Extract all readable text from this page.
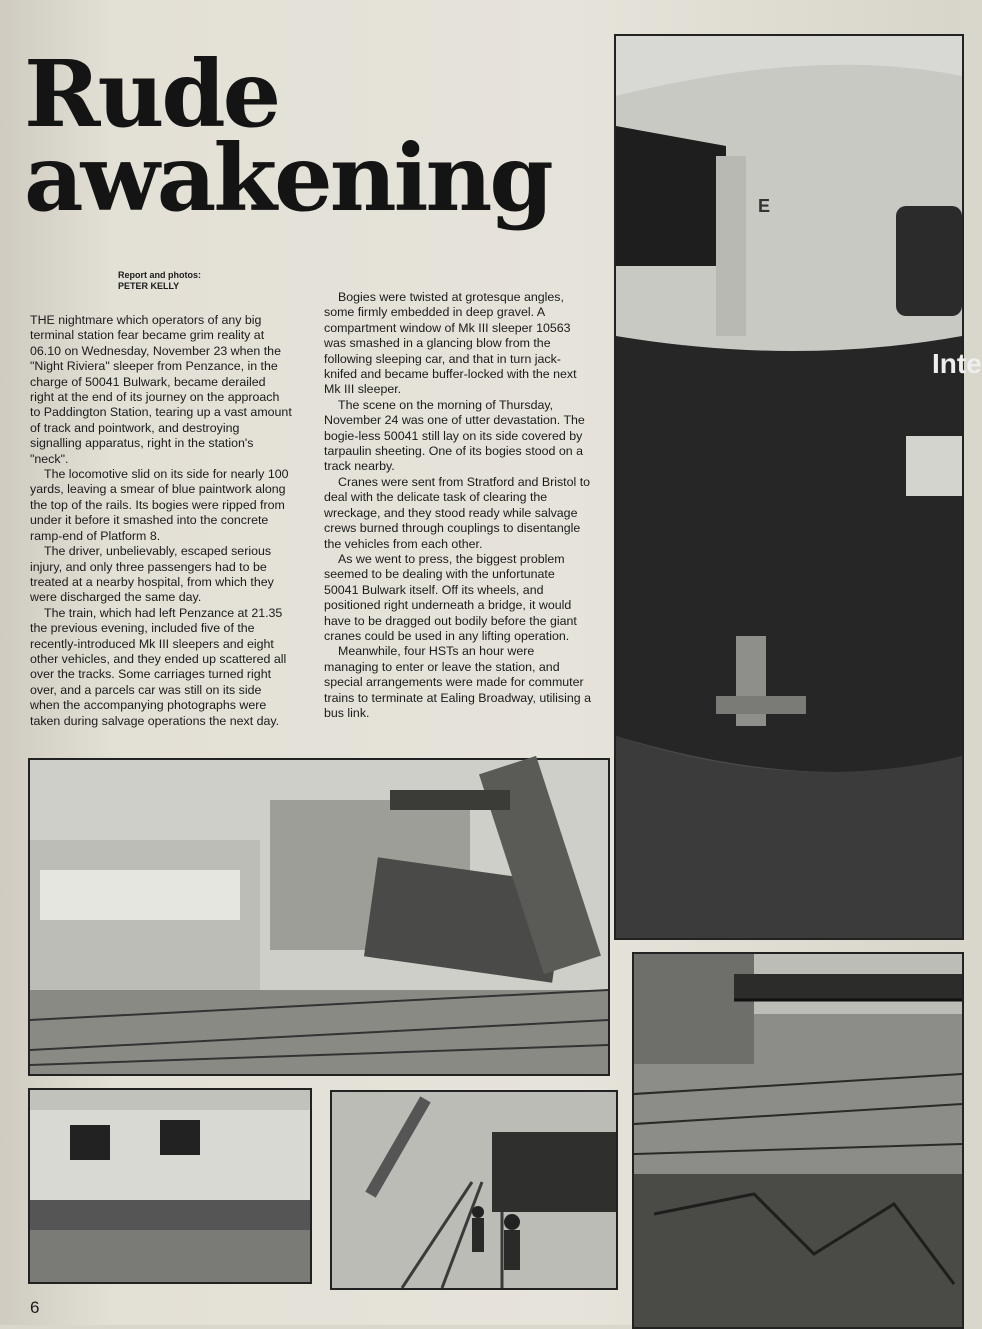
Rude
awakening
Report and photos:
PETER KELLY

THE nightmare which operators of any big terminal station fear became grim reality at 06.10 on Wednesday, November 23 when the "Night Riviera" sleeper from Penzance, in the charge of 50041 Bulwark, became derailed right at the end of its journey on the approach to Paddington Station, tearing up a vast amount of track and pointwork, and destroying signalling apparatus, right in the station's "neck".

The locomotive slid on its side for nearly 100 yards, leaving a smear of blue paintwork along the top of the rails. Its bogies were ripped from under it before it smashed into the concrete ramp-end of Platform 8.

The driver, unbelievably, escaped serious injury, and only three passengers had to be treated at a nearby hospital, from which they were discharged the same day.

The train, which had left Penzance at 21.35 the previous evening, included five of the recently-introduced Mk III sleepers and eight other vehicles, and they ended up scattered all over the tracks. Some carriages turned right over, and a parcels car was still on its side when the accompanying photographs were taken during salvage operations the next day.

Bogies were twisted at grotesque angles, some firmly embedded in deep gravel. A compartment window of Mk III sleeper 10563 was smashed in a glancing blow from the following sleeping car, and that in turn jack-knifed and became buffer-locked with the next Mk III sleeper.

The scene on the morning of Thursday, November 24 was one of utter devastation. The bogie-less 50041 still lay on its side covered by tarpaulin sheeting. One of its bogies stood on a track nearby.

Cranes were sent from Stratford and Bristol to deal with the delicate task of clearing the wreckage, and they stood ready while salvage crews burned through couplings to disentangle the vehicles from each other.

As we went to press, the biggest problem seemed to be dealing with the unfortunate 50041 Bulwark itself. Off its wheels, and positioned right underneath a bridge, it would have to be dragged out bodily before the giant cranes could be used in any lifting operation.

Meanwhile, four HSTs an hour were managing to enter or leave the station, and special arrangements were made for commuter trains to terminate at Ealing Broadway, utilising a bus link.

Inte
E
6
